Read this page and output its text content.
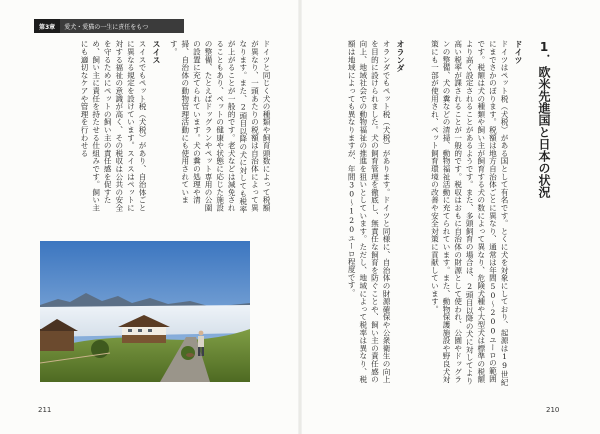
第3章	愛犬・愛猫の一生に責任をもつ
1．欧米先進国と日本の状況
ドイツ
ドイツはペット税（犬税）がある国として有名です。とくに犬を対象にしており、起源は19世紀にまでさかのぼります。税額は地方自治体ごとに異なり、通常は年間50～200ユーロの範囲です。税額は犬の種類や飼い主が飼育する犬の数によって異なり、危険犬種や大型犬は標準の税額より高く設定されることがあるようです。また、多頭飼育の場合は、2頭目以降の犬に対してより高い税率が課されることが一般的です。税収はおもに自治体の財源として使われ、公園やドッグランの整備、犬の糞などの清掃、動物福祉活動に充てられています。また、動物保護施設や野良犬対策にも一部が使用され、ペット飼育環境の改善や安全対策に貢献しています。
オランダ
オランダでもペット税（犬税）があります。ドイツと同様に、自治体の財源確保や公衆衛生の向上を目的に設けられました。犬の飼育管理を徹底し、無責任な飼育を防ぐことや、飼い主の責任感の向上、地域社会での動物福祉の推進を狙いとしています。ただし、地域によって税率は異なり、税額は地域によっても異なりますが、年間30～120ユーロ程度です。
ドイツと同じく犬の種類や飼育頭数によって税額が異なり、一頭あたりの税額は自治体によって異なります。また、2頭目以降の犬に対しても税率が上がることが一般的です。老犬などは減免されることもあり、ペットの健康や状態に応じた施設の整備、たとえばドッグランやペット専用の公園の設置に充てられています。犬の糞の処理や清掃、自治体の動物管理活動にも使用されています。
スイス
スイスでもペット税（犬税）があり、自治体ごとに異なる規定を設けています。スイスはペットに対する福祉の意識が高く、その税収は公共の安全を守るためにペットの飼い主の責任感を促すため、飼い主に責任を持たせる仕組みです。飼い主にも適切なケアや管理を行わせる
211	210
